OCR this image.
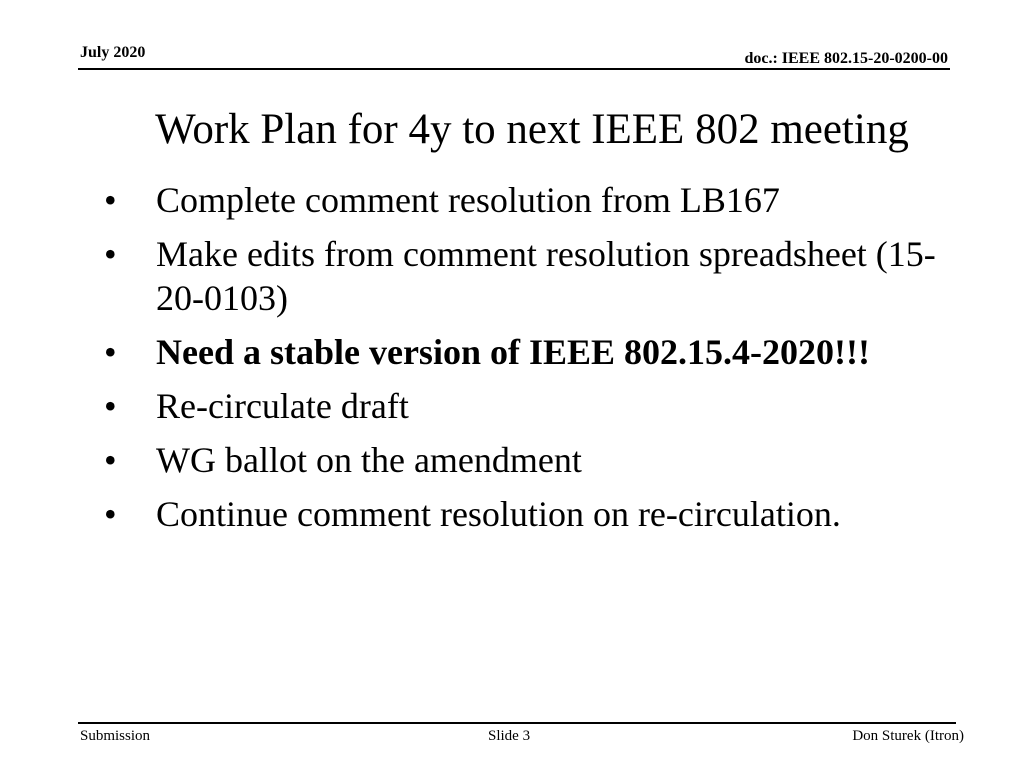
July 2020	doc.: IEEE 802.15-20-0200-00
Work Plan for 4y to next IEEE 802 meeting
• Complete comment resolution from LB167
• Make edits from comment resolution spreadsheet (15-20-0103)
• Need a stable version of IEEE 802.15.4-2020!!!
• Re-circulate draft
• WG ballot on the amendment
• Continue comment resolution on re-circulation.
Submission	Slide 3	Don Sturek (Itron)
